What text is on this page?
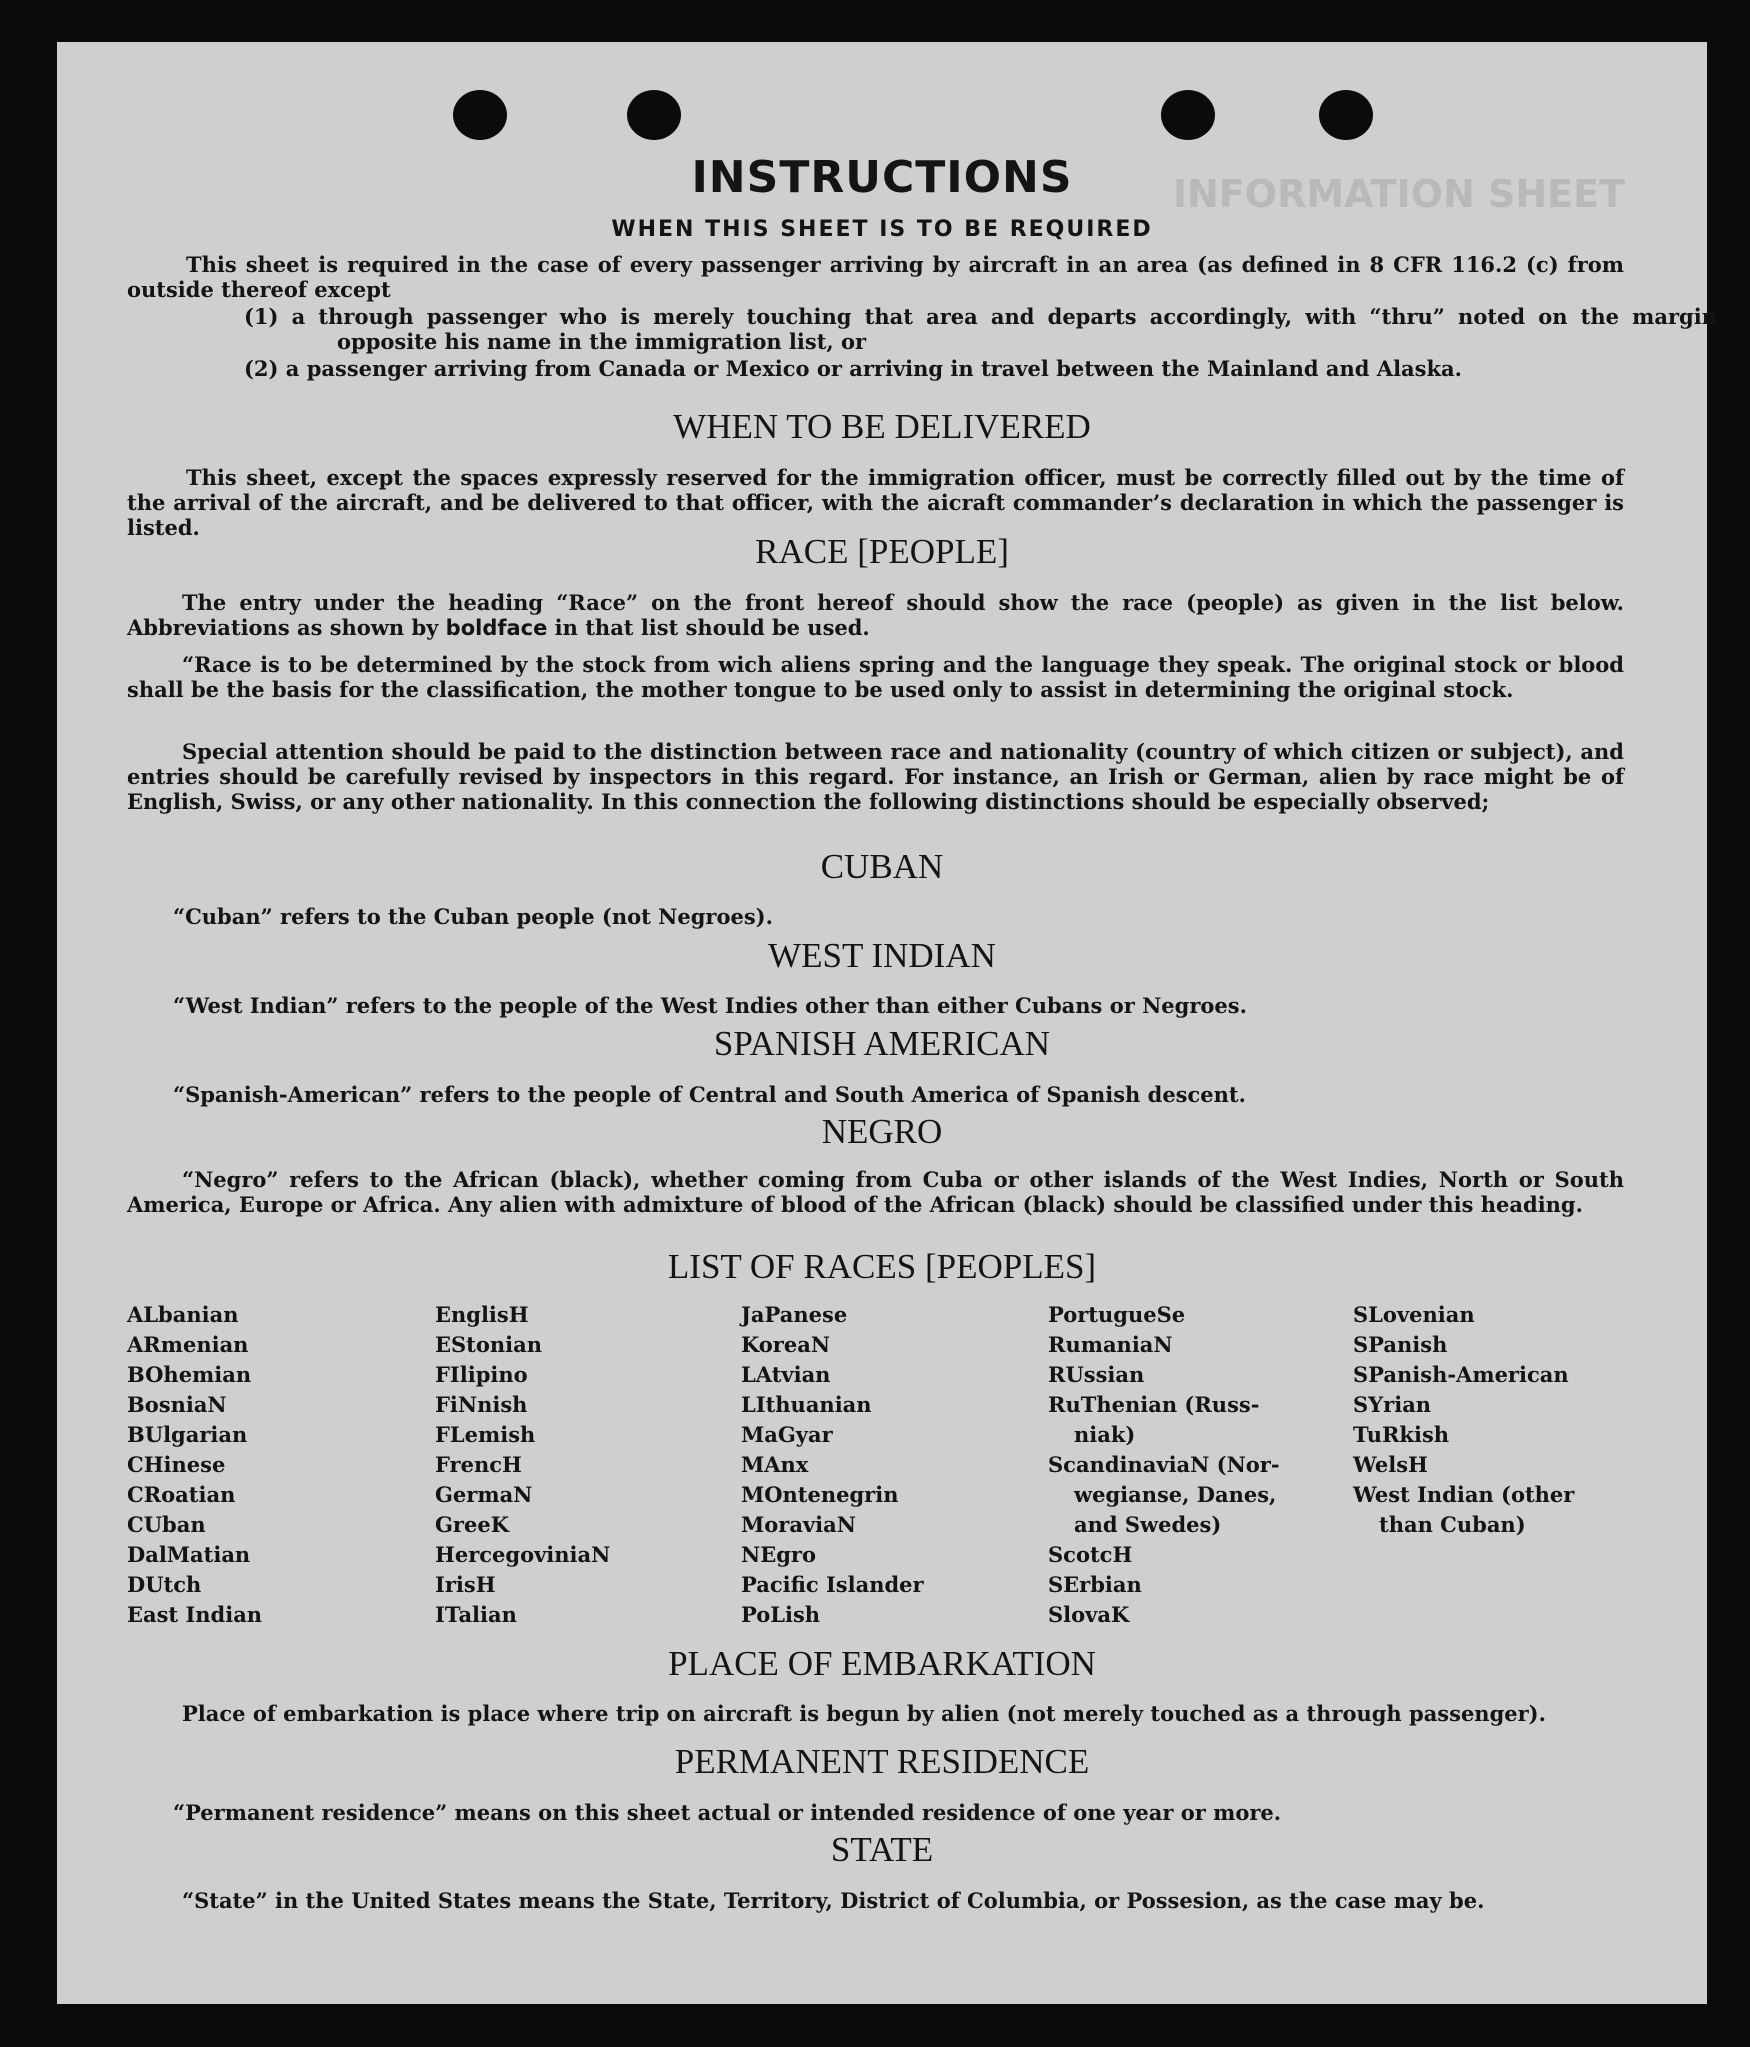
INFORMATION SHEET
INSTRUCTIONS
WHEN THIS SHEET IS TO BE REQUIRED
This sheet is required in the case of every passenger arriving by aircraft in an area (as defined in 8 CFR 116.2 (c) from outside thereof except
(1) a through passenger who is merely touching that area and departs accordingly, with “thru” noted on the margin opposite his name in the immigration list, or
(2) a passenger arriving from Canada or Mexico or arriving in travel between the Mainland and Alaska.
WHEN TO BE DELIVERED
This sheet, except the spaces expressly reserved for the immigration officer, must be correctly filled out by the time of the arrival of the aircraft, and be delivered to that officer, with the aicraft commander’s declaration in which the passenger is listed.
RACE [PEOPLE]
The entry under the heading “Race” on the front hereof should show the race (people) as given in the list below. Abbreviations as shown by boldface in that list should be used.
“Race is to be determined by the stock from wich aliens spring and the language they speak. The original stock or blood shall be the basis for the classification, the mother tongue to be used only to assist in determining the original stock.
Special attention should be paid to the distinction between race and nationality (country of which citizen or subject), and entries should be carefully revised by inspectors in this regard. For instance, an Irish or German, alien by race might be of English, Swiss, or any other nationality. In this connection the following distinctions should be especially observed;
CUBAN
“Cuban” refers to the Cuban people (not Negroes).
WEST INDIAN
“West Indian” refers to the people of the West Indies other than either Cubans or Negroes.
SPANISH AMERICAN
“Spanish-American” refers to the people of Central and South America of Spanish descent.
NEGRO
“Negro” refers to the African (black), whether coming from Cuba or other islands of the West Indies, North or South America, Europe or Africa. Any alien with admixture of blood of the African (black) should be classified under this heading.
LIST OF RACES [PEOPLES]
ALbanian
ARmenian
BOhemian
BosniaN
BUlgarian
CHinese
CRoatian
CUban
DalMatian
DUtch
East Indian
EnglisH
EStonian
FIlipino
FiNnish
FLemish
FrencH
GermaN
GreeK
HercegoviniaN
IrisH
ITalian
JaPanese
KoreaN
LAtvian
LIthuanian
MaGyar
MAnx
MOntenegrin
MoraviaN
NEgro
Pacific Islander
PoLish
PortugueSe
RumaniaN
RUssian
RuThenian (Russ-
niak)
ScandinaviaN (Nor-
wegianse, Danes,
and Swedes)
ScotcH
SErbian
SlovaK
SLovenian
SPanish
SPanish-American
SYrian
TuRkish
WelsH
West Indian (other
than Cuban)
PLACE OF EMBARKATION
Place of embarkation is place where trip on aircraft is begun by alien (not merely touched as a through passenger).
PERMANENT RESIDENCE
“Permanent residence” means on this sheet actual or intended residence of one year or more.
STATE
“State” in the United States means the State, Territory, District of Columbia, or Possesion, as the case may be.
